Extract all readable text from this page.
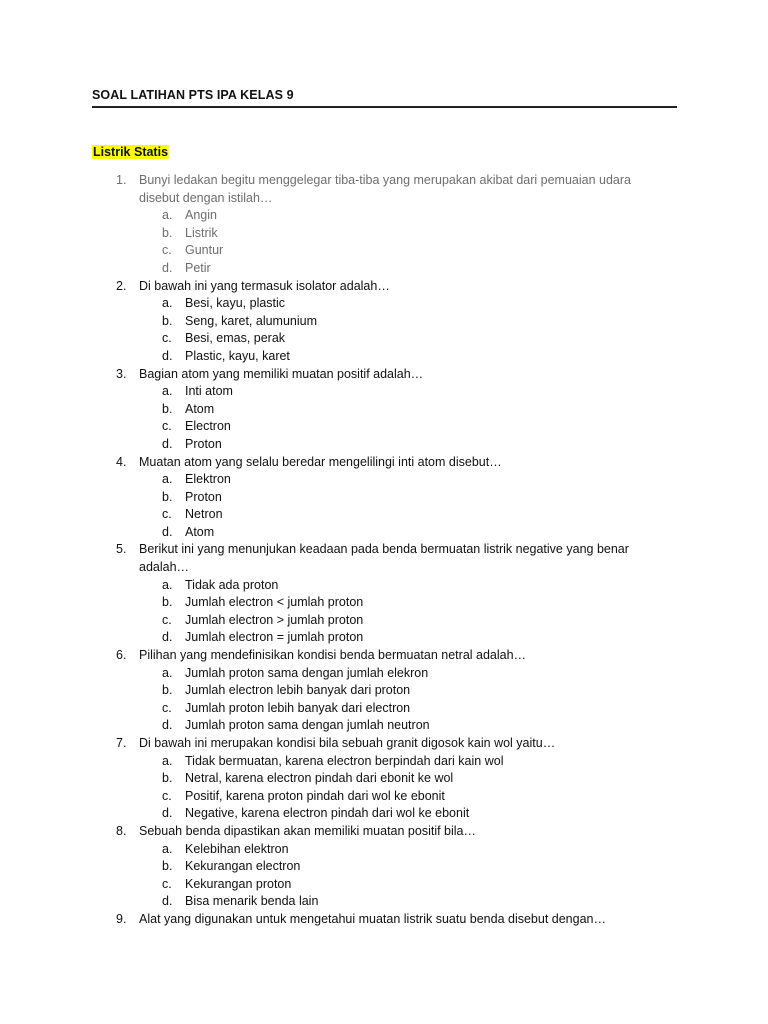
SOAL LATIHAN PTS IPA KELAS 9
Listrik Statis
1. Bunyi ledakan begitu menggelegar tiba-tiba yang merupakan akibat dari pemuaian udara disebut dengan istilah…
a. Angin
b. Listrik
c. Guntur
d. Petir
2. Di bawah ini yang termasuk isolator adalah…
a. Besi, kayu, plastic
b. Seng, karet, alumunium
c. Besi, emas, perak
d. Plastic, kayu, karet
3. Bagian atom yang memiliki muatan positif adalah…
a. Inti atom
b. Atom
c. Electron
d. Proton
4. Muatan atom yang selalu beredar mengelilingi inti atom disebut…
a. Elektron
b. Proton
c. Netron
d. Atom
5. Berikut ini yang menunjukan keadaan pada benda bermuatan listrik negative yang benar adalah…
a. Tidak ada proton
b. Jumlah electron < jumlah proton
c. Jumlah electron > jumlah proton
d. Jumlah electron = jumlah proton
6. Pilihan yang mendefinisikan kondisi benda bermuatan netral adalah…
a. Jumlah proton sama dengan jumlah elekron
b. Jumlah electron lebih banyak dari proton
c. Jumlah proton lebih banyak dari electron
d. Jumlah proton sama dengan jumlah neutron
7. Di bawah ini merupakan kondisi bila sebuah granit digosok kain wol yaitu…
a. Tidak bermuatan, karena electron berpindah dari kain wol
b. Netral, karena electron pindah dari ebonit ke wol
c. Positif, karena proton pindah dari wol ke ebonit
d. Negative, karena electron pindah dari wol ke ebonit
8. Sebuah benda dipastikan akan memiliki muatan positif bila…
a. Kelebihan elektron
b. Kekurangan electron
c. Kekurangan proton
d. Bisa menarik benda lain
9. Alat yang digunakan untuk mengetahui muatan listrik suatu benda disebut dengan…
